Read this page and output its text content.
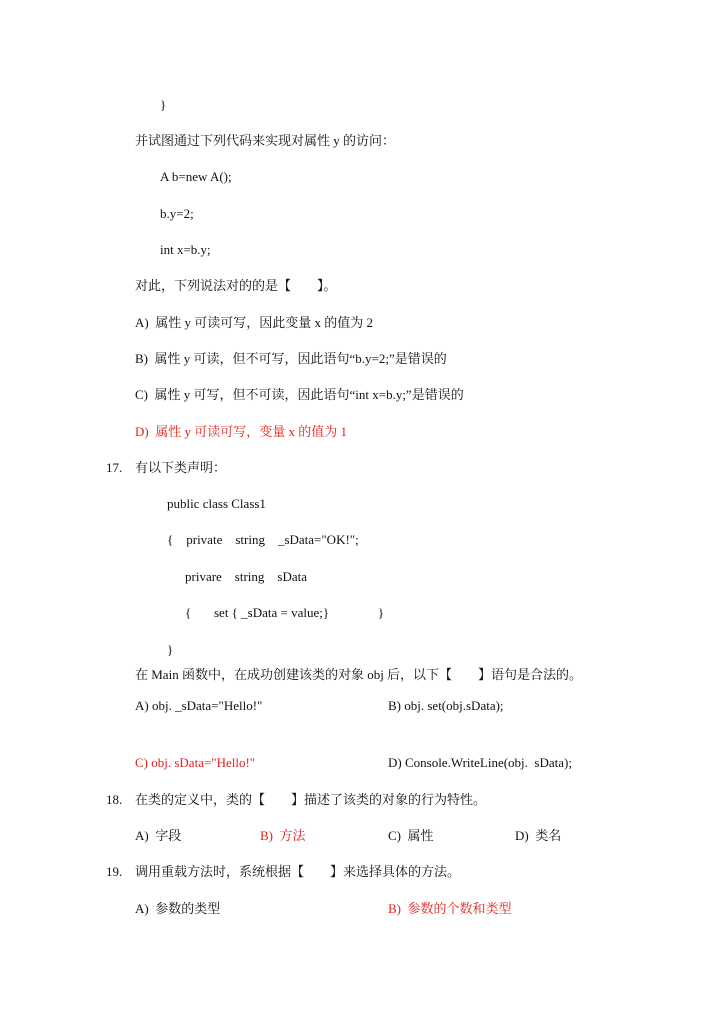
}
并试图通过下列代码来实现对属性 y 的访问：
A b=new A();
b.y=2;
int x=b.y;
对此，下列说法对的的是【　　】。
A)  属性 y 可读可写，因此变量 x 的值为 2
B)  属性 y 可读，但不可写，因此语句“b.y=2;”是错误的
C)  属性 y 可写，但不可读，因此语句“int x=b.y;”是错误的
D)  属性 y 可读可写，变量 x 的值为 1
17. 有以下类声明：
public class Class1
{    private    string    _sData="OK!";
privare    string    sData
{       set { _sData = value;}               }
}
在 Main 函数中，在成功创建该类的对象 obj 后，以下【　　】语句是合法的。
A) obj. _sData="Hello!"	B) obj. set(obj.sData);
C) obj. sData="Hello!"	D) Console.WriteLine(obj.  sData);
18. 在类的定义中，类的【　　】描述了该类的对象的行为特性。
A)  字段	B)  方法	C)  属性	D)  类名
19. 调用重载方法时，系统根据【　　】来选择具体的方法。
A)  参数的类型	B)  参数的个数和类型
